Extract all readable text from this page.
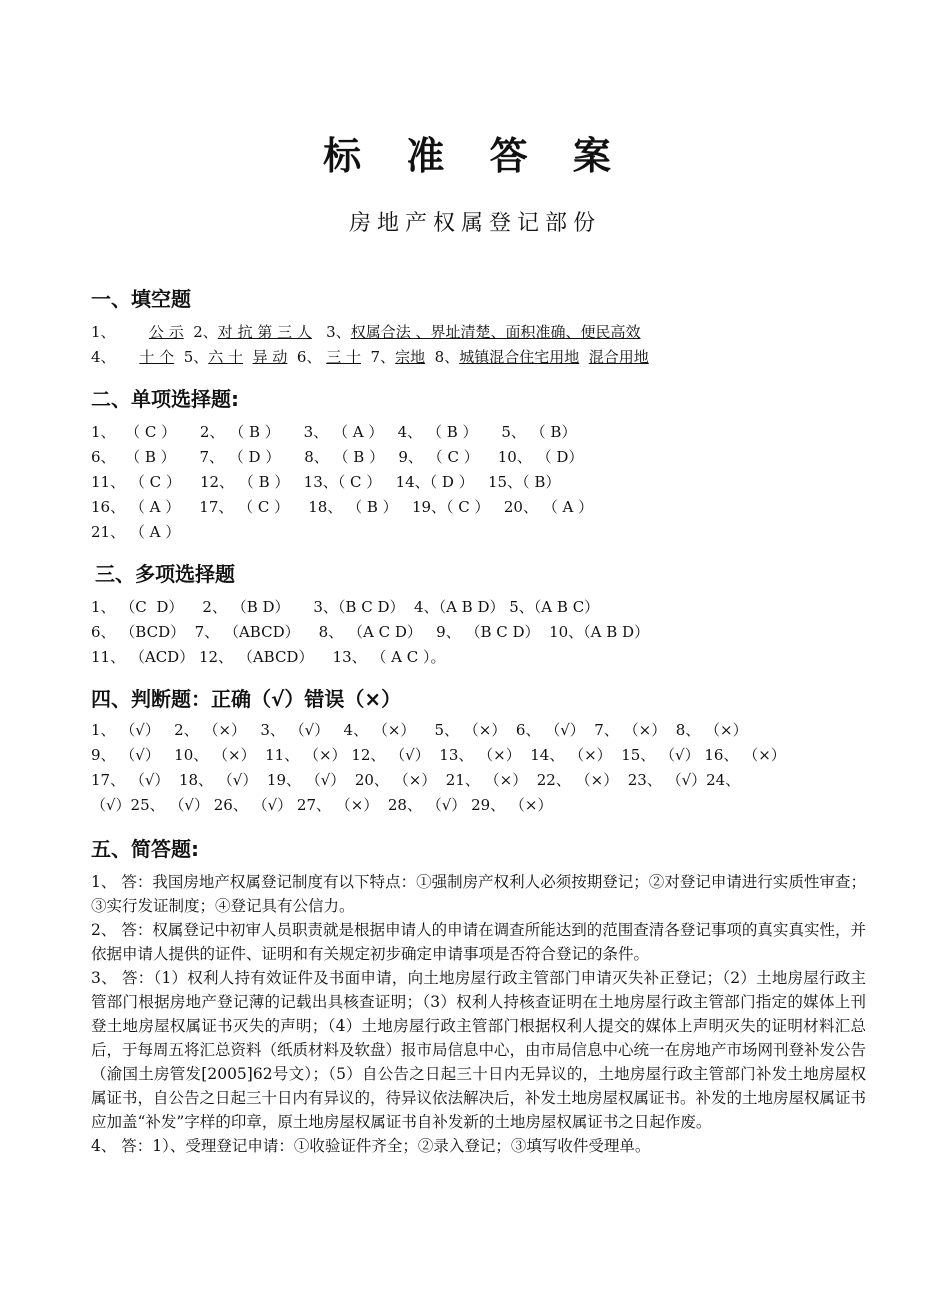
标 准 答 案
房地产权属登记部份
一、填空题
1、       公 示  2、对 抗 第 三 人   3、权属合法 、界址清楚、面积准确、便民高效
4、     十 个  5、六 十 异 动  6、 三 十  7、宗地  8、城镇混合住宅用地 混合用地
二、单项选择题:
1、  （ C ）     2、 （ B ）     3、 （ A ）   4、 （ B ）     5、 （ B）
6、  （ B ）     7、 （ D ）     8、 （ B ）   9、 （ C ）    10、 （ D）
11、 （ C ）    12、 （ B ）   13、（ C ）   14、（ D ）   15、（ B）
16、 （ A ）    17、 （ C ）    18、 （ B ）   19、（ C ）   20、 （ A ）
21、 （ A ）
三、多项选择题
1、 （C  D）    2、 （B D）     3、（B C D）  4、（A B D） 5、（A B C）
6、 （BCD）  7、 （ABCD）    8、 （A C D）   9、 （B C D）  10、（A B D）
11、 （ACD） 12、 （ABCD）    13、 （ A C ）。
四、判断题：正确（√）错误（×）
1、 （√）   2、 （×）   3、 （√）   4、 （×）    5、 （×）  6、 （√）  7、 （×）  8、 （×）
9、 （√）   10、 （×）  11、 （×） 12、 （√）  13、 （×）  14、 （×）  15、 （√） 16、 （×）
17、 （√）  18、 （√）  19、 （√）  20、 （×）  21、 （×）  22、 （×）  23、 （√）24、
（√）25、 （√） 26、 （√） 27、 （×）  28、 （√） 29、 （×）
五、简答题:

1、 答：我国房地产权属登记制度有以下特点：①强制房产权利人必须按期登记；②对登记申请进行实质性审查；③实行发证制度；④登记具有公信力。

2、 答：权属登记中初审人员职责就是根据申请人的申请在调查所能达到的范围查清各登记事项的真实真实性，并依据申请人提供的证件、证明和有关规定初步确定申请事项是否符合登记的条件。

3、 答：（1）权利人持有效证件及书面申请，向土地房屋行政主管部门申请灭失补正登记；（2）土地房屋行政主管部门根据房地产登记薄的记载出具核查证明；（3）权利人持核查证明在土地房屋行政主管部门指定的媒体上刊登土地房屋权属证书灭失的声明；（4）土地房屋行政主管部门根据权利人提交的媒体上声明灭失的证明材料汇总后，于每周五将汇总资料（纸质材料及软盘）报市局信息中心，由市局信息中心统一在房地产市场网刊登补发公告（渝国土房管发[2005]62号文）；（5）自公告之日起三十日内无异议的，土地房屋行政主管部门补发土地房屋权属证书，自公告之日起三十日内有异议的，待异议依法解决后，补发土地房屋权属证书。补发的土地房屋权属证书应加盖“补发”字样的印章，原土地房屋权属证书自补发新的土地房屋权属证书之日起作废。

4、 答：1）、受理登记申请：①收验证件齐全；②录入登记；③填写收件受理单。
